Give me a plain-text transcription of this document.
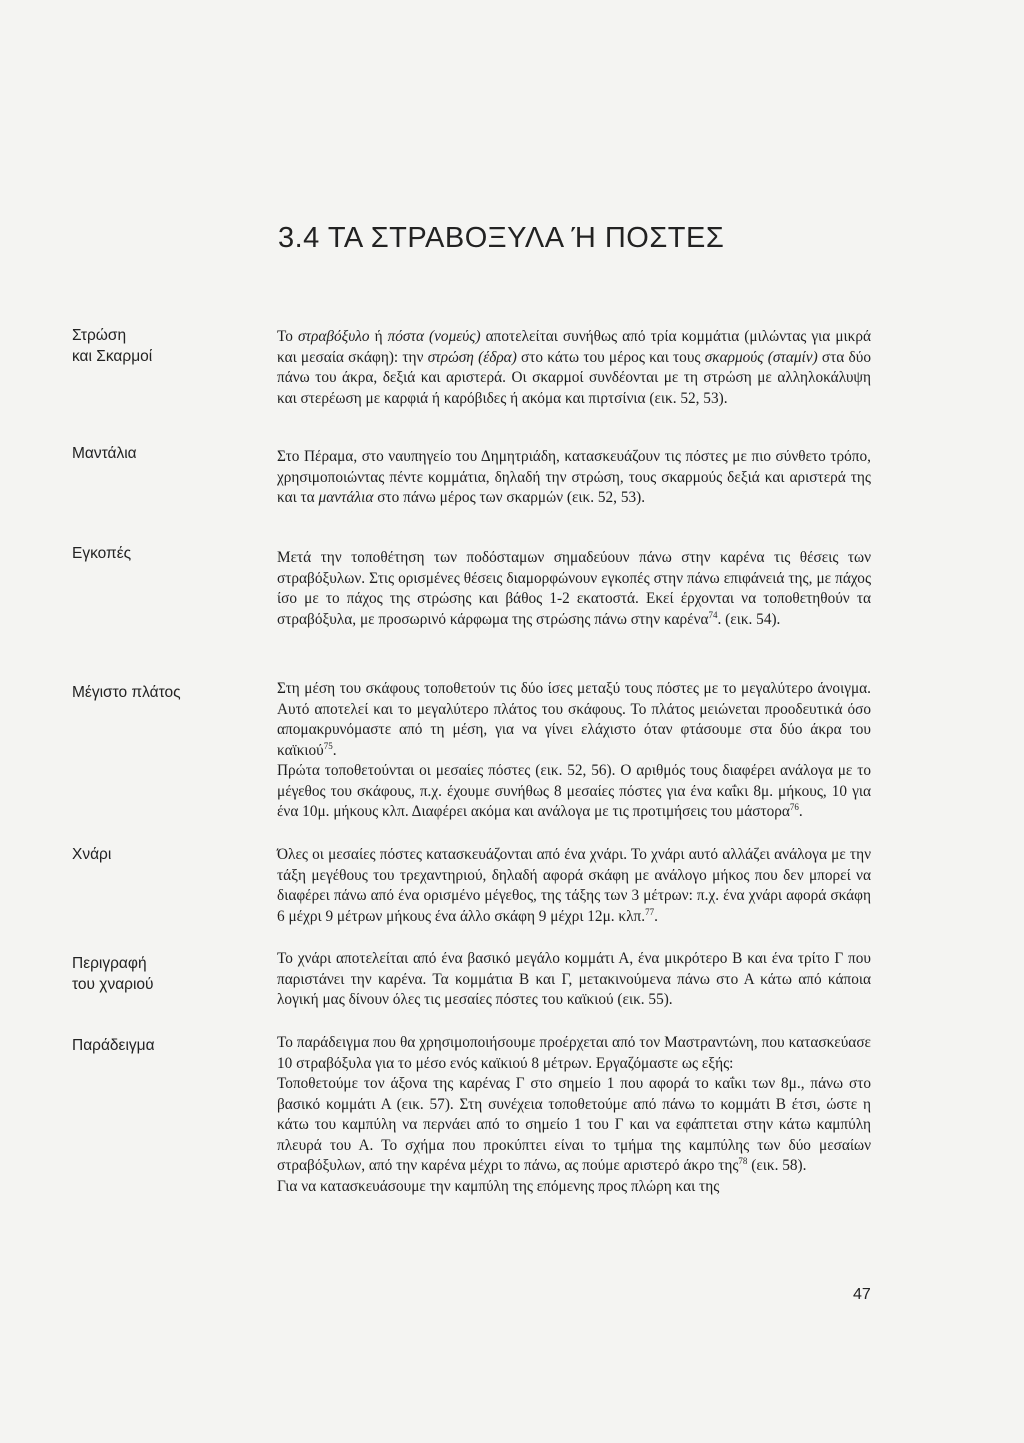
3.4 ΤΑ ΣΤΡΑΒΟΞΥΛΑ Ή ΠΟΣΤΕΣ
Στρώση
και Σκαρμοί
Μαντάλια
Εγκοπές
Μέγιστο πλάτος
Χνάρι
Περιγραφή
του χναριού
Παράδειγμα

Το στραβόξυλο ή πόστα (νομεύς) αποτελείται συνήθως από τρία κομμάτια (μιλώντας για μικρά και μεσαία σκάφη): την στρώση (έδρα) στο κάτω του μέρος και τους σκαρμούς (σταμίν) στα δύο πάνω του άκρα, δεξιά και αριστερά. Οι σκαρμοί συνδέονται με τη στρώση με αλληλοκάλυψη και στερέωση με καρφιά ή καρόβιδες ή ακόμα και πιρτσίνια (εικ. 52, 53).

Στο Πέραμα, στο ναυπηγείο του Δημητριάδη, κατασκευάζουν τις πόστες με πιο σύνθετο τρόπο, χρησιμοποιώντας πέντε κομμάτια, δηλαδή την στρώση, τους σκαρμούς δεξιά και αριστερά της και τα μαντάλια στο πάνω μέρος των σκαρμών (εικ. 52, 53).

Μετά την τοποθέτηση των ποδόσταμων σημαδεύουν πάνω στην καρένα τις θέσεις των στραβόξυλων. Στις ορισμένες θέσεις διαμορφώνουν εγκοπές στην πάνω επιφάνειά της, με πάχος ίσο με το πάχος της στρώσης και βάθος 1-2 εκατοστά. Εκεί έρχονται να τοποθετηθούν τα στραβόξυλα, με προσωρινό κάρφωμα της στρώσης πάνω στην καρένα$^{74}$. (εικ. 54).

Στη μέση του σκάφους τοποθετούν τις δύο ίσες μεταξύ τους πόστες με το μεγαλύτερο άνοιγμα. Αυτό αποτελεί και το μεγαλύτερο πλάτος του σκάφους. Το πλάτος μειώνεται προοδευτικά όσο απομακρυνόμαστε από τη μέση, για να γίνει ελάχιστο όταν φτάσουμε στα δύο άκρα του καϊκιού$^{75}$.

Πρώτα τοποθετούνται οι μεσαίες πόστες (εικ. 52, 56). Ο αριθμός τους διαφέρει ανάλογα με το μέγεθος του σκάφους, π.χ. έχουμε συνήθως 8 μεσαίες πόστες για ένα καΐκι 8μ. μήκους, 10 για ένα 10μ. μήκους κλπ. Διαφέρει ακόμα και ανάλογα με τις προτιμήσεις του μάστορα$^{76}$.

Όλες οι μεσαίες πόστες κατασκευάζονται από ένα χνάρι. Το χνάρι αυτό αλλάζει ανάλογα με την τάξη μεγέθους του τρεχαντηριού, δηλαδή αφορά σκάφη με ανάλογο μήκος που δεν μπορεί να διαφέρει πάνω από ένα ορισμένο μέγεθος, της τάξης των 3 μέτρων: π.χ. ένα χνάρι αφορά σκάφη 6 μέχρι 9 μέτρων μήκους ένα άλλο σκάφη 9 μέχρι 12μ. κλπ.$^{77}$.

Το χνάρι αποτελείται από ένα βασικό μεγάλο κομμάτι Α, ένα μικρότερο Β και ένα τρίτο Γ που παριστάνει την καρένα. Τα κομμάτια Β και Γ, μετακινούμενα πάνω στο Α κάτω από κάποια λογική μας δίνουν όλες τις μεσαίες πόστες του καϊκιού (εικ. 55).

Το παράδειγμα που θα χρησιμοποιήσουμε προέρχεται από τον Μαστραντώνη, που κατασκεύασε 10 στραβόξυλα για το μέσο ενός καϊκιού 8 μέτρων. Εργαζόμαστε ως εξής:

Τοποθετούμε τον άξονα της καρένας Γ στο σημείο 1 που αφορά το καΐκι των 8μ., πάνω στο βασικό κομμάτι Α (εικ. 57). Στη συνέχεια τοποθετούμε από πάνω το κομμάτι Β έτσι, ώστε η κάτω του καμπύλη να περνάει από το σημείο 1 του Γ και να εφάπτεται στην κάτω καμπύλη πλευρά του Α. Το σχήμα που προκύπτει είναι το τμήμα της καμπύλης των δύο μεσαίων στραβόξυλων, από την καρένα μέχρι το πάνω, ας πούμε αριστερό άκρο της$^{78}$ (εικ. 58).

Για να κατασκευάσουμε την καμπύλη της επόμενης προς πλώρη και της

47
